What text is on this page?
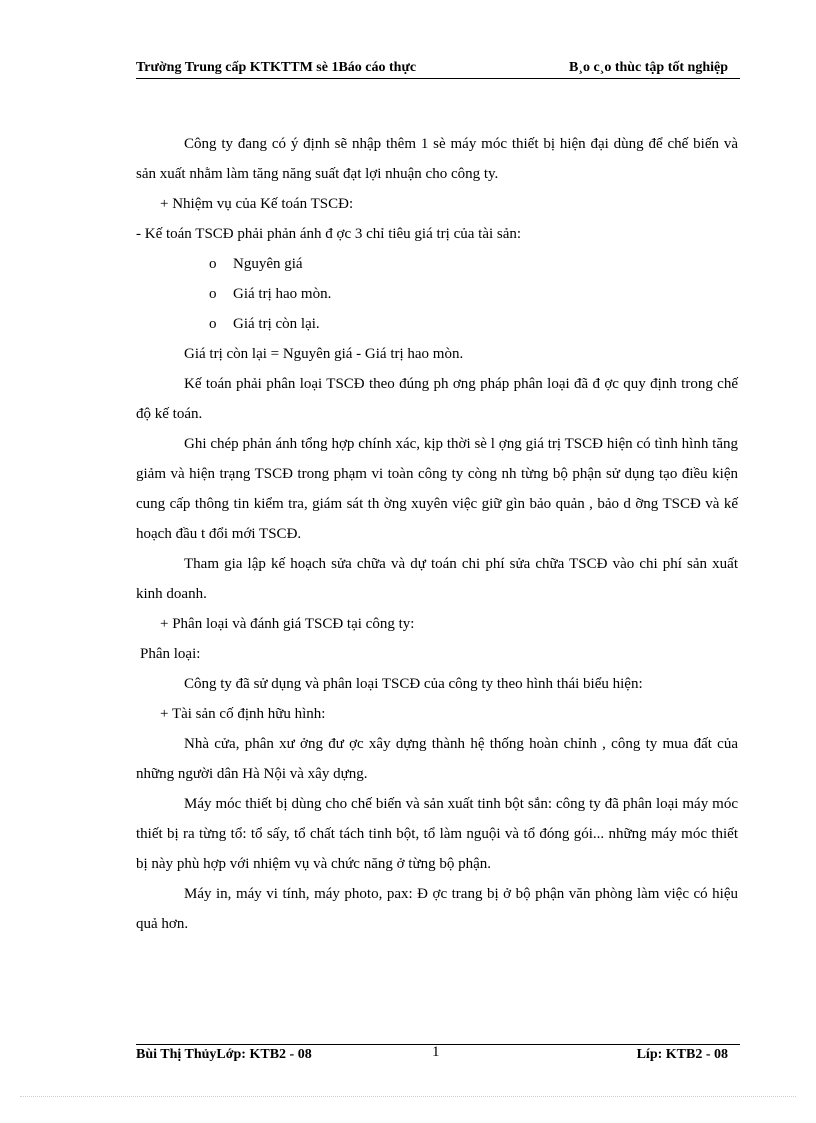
Trường Trung cấp KTKTTM sè 1Báo cáo thực	B¸o c¸o thùc tập tốt nghiệp

Công ty đang có ý định sẽ nhập thêm 1 sè máy móc thiết bị hiện đại dùng để chế biến và sản xuất nhằm làm tăng năng suất đạt lợi nhuận cho công ty.

+ Nhiệm vụ của Kế toán TSCĐ:

- Kế toán TSCĐ phải phản ánh đ ợc 3 chỉ tiêu giá trị của tài sản:

o Nguyên giá

o Giá trị hao mòn.

o Giá trị còn lại.

Giá trị còn lại = Nguyên giá - Giá trị hao mòn.

Kế toán phải phân loại TSCĐ theo đúng ph ơng pháp phân loại đã đ ợc quy định trong chế độ kế toán.

Ghi chép phản ánh tổng hợp chính xác, kịp thời sè l ợng giá trị TSCĐ hiện có tình hình tăng giảm và hiện trạng TSCĐ trong phạm vi toàn công ty còng nh từng bộ phận sử dụng tạo điều kiện cung cấp thông tin kiểm tra, giám sát th ờng xuyên việc giữ gìn bảo quản , bảo d ỡng TSCĐ và kế hoạch đầu t đổi mới TSCĐ.

Tham gia lập kế hoạch sửa chữa và dự toán chi phí sửa chữa TSCĐ vào chi phí sản xuất kinh doanh.

+ Phân loại và đánh giá TSCĐ tại công ty:

Phân loại:

Công ty đã sử dụng và phân loại TSCĐ của công ty theo hình thái biểu hiện:

+ Tài sản cố định hữu hình:

Nhà cửa, phân xư ởng đư ợc xây dựng thành hệ thống hoàn chỉnh , công ty mua đất của những người dân Hà Nội và xây dựng.

Máy móc thiết bị dùng cho chế biến và sản xuất tinh bột sắn: công ty đã phân loại máy móc thiết bị ra từng tổ: tổ sấy, tổ chất tách tinh bột, tổ làm nguội và tổ đóng gói... những máy móc thiết bị này phù hợp với nhiệm vụ và chức năng ở từng bộ phận.

Máy in, máy vi tính, máy photo, pax: Đ ợc trang bị ở bộ phận văn phòng làm việc có hiệu quả hơn.

Bùi Thị ThủyLớp: KTB2 - 08	1	Líp: KTB2 - 08
